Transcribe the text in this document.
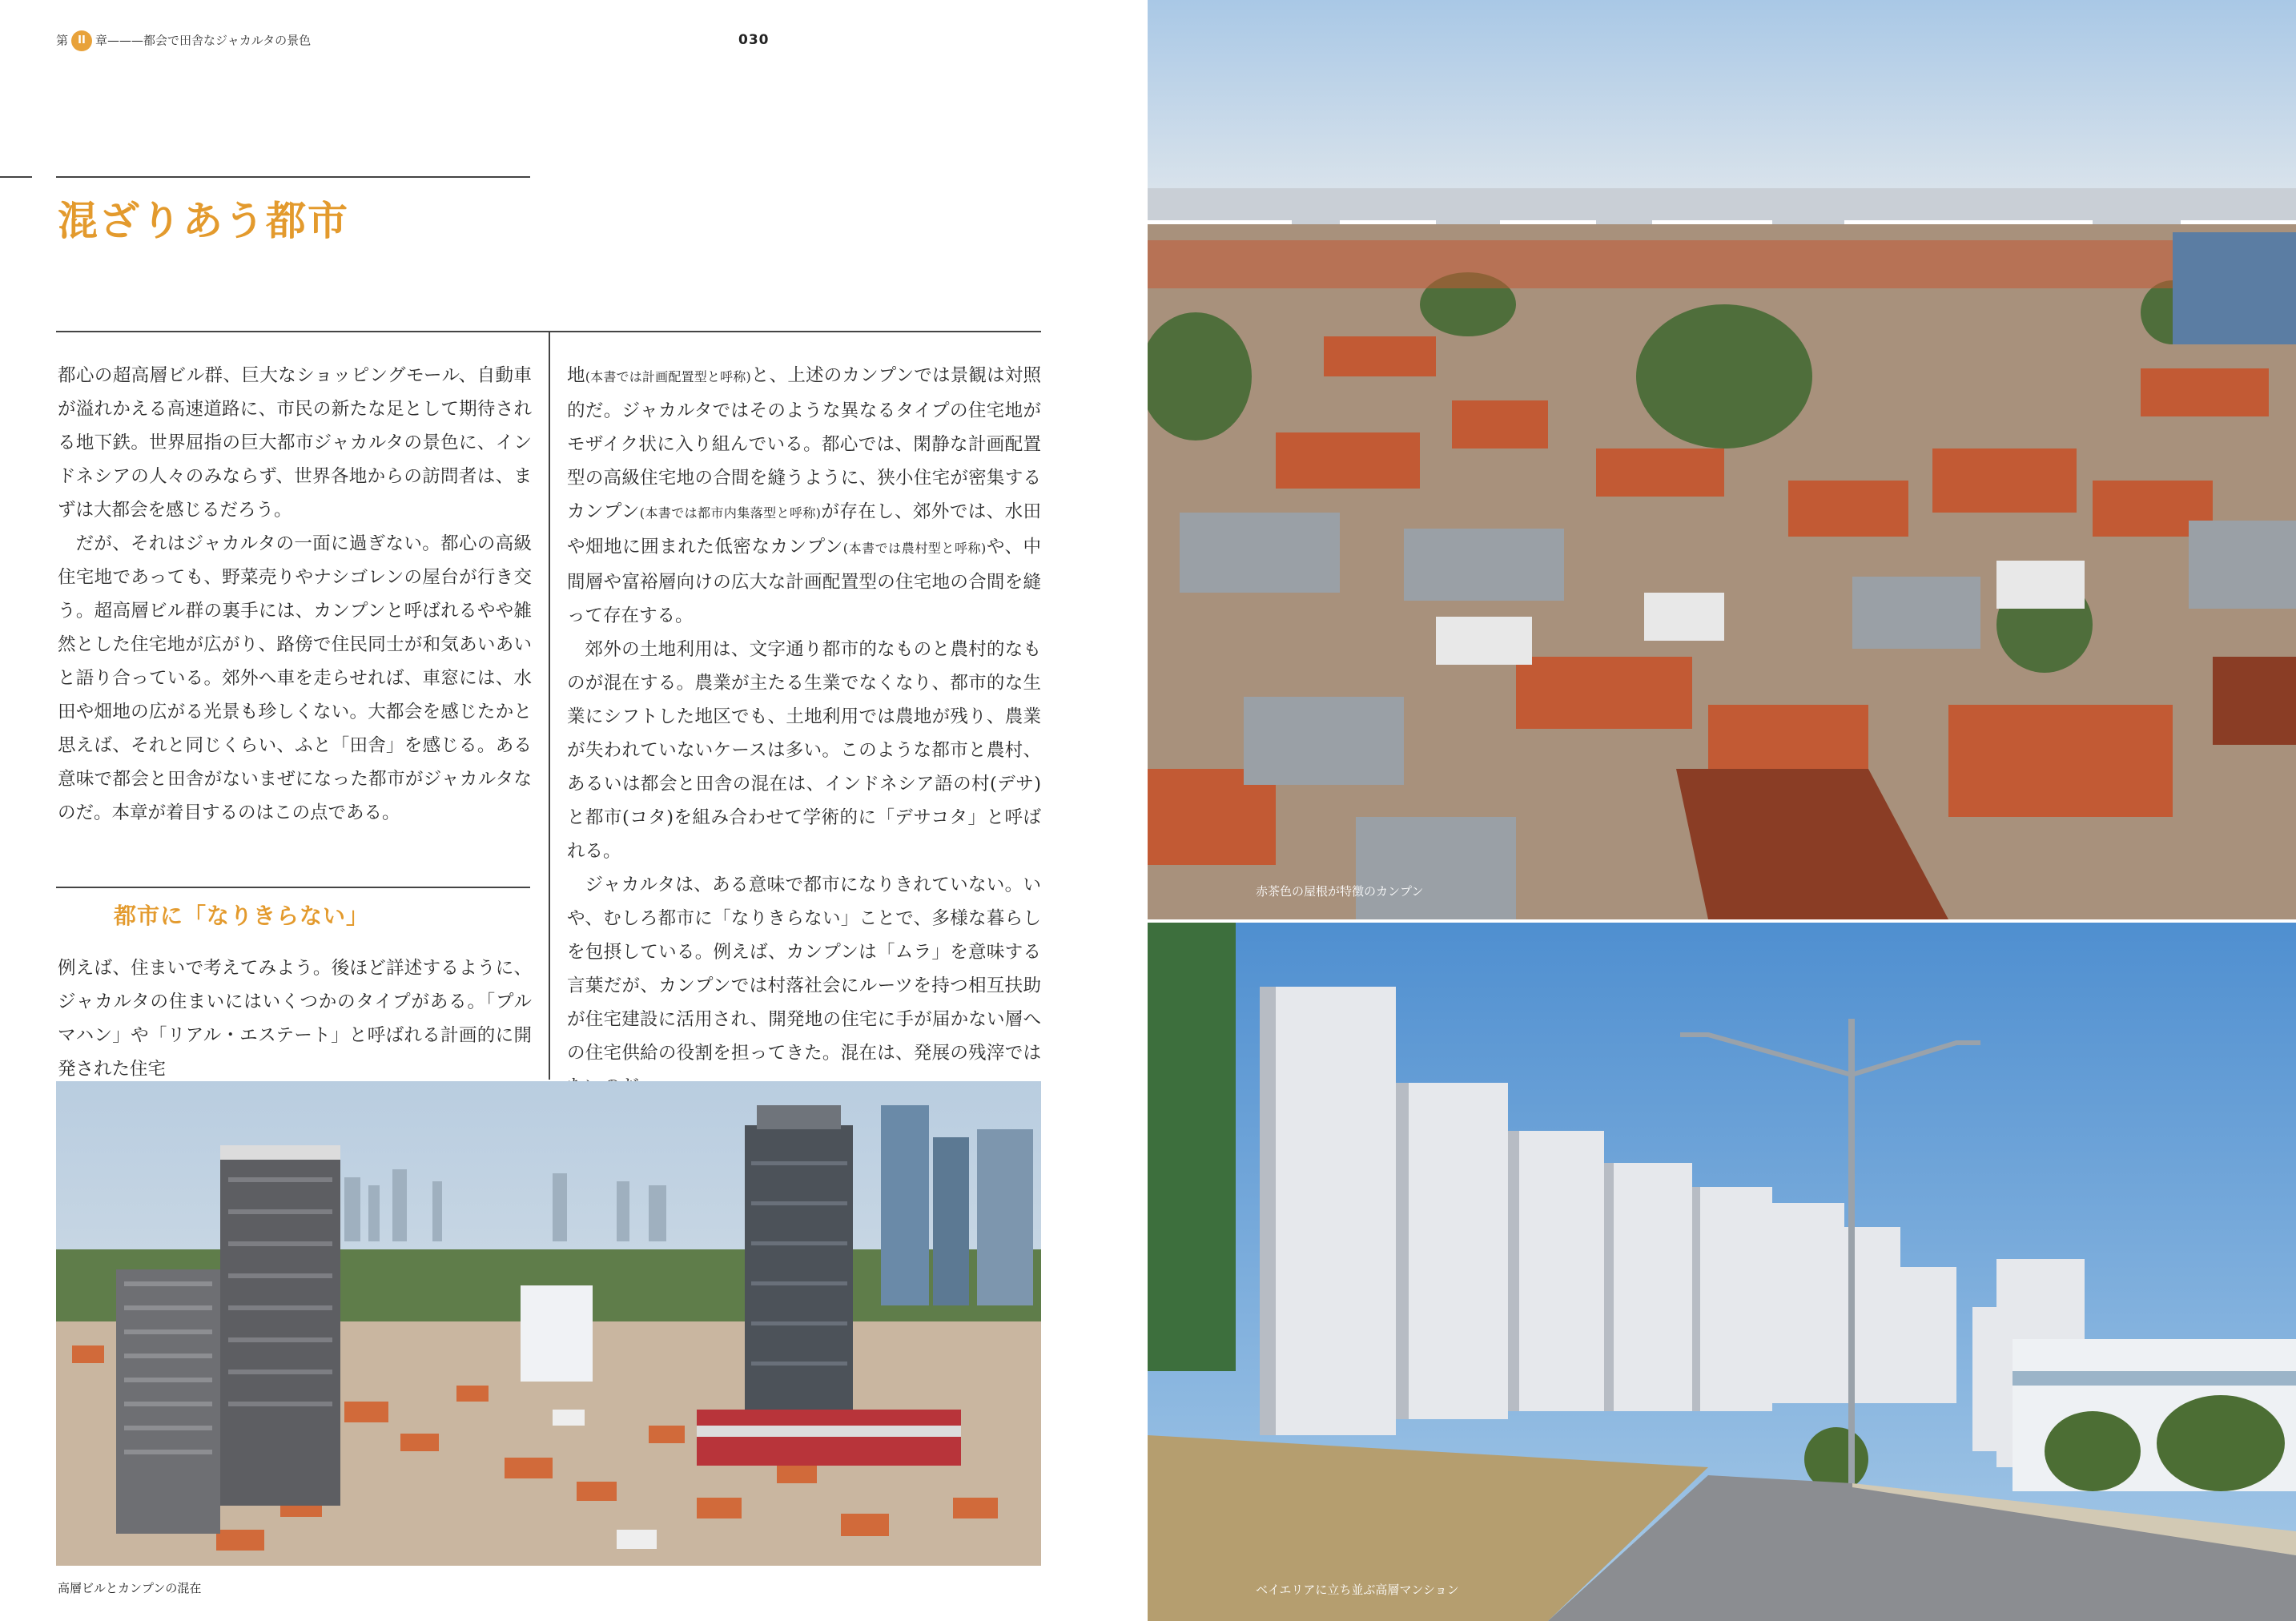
第 II 章———都会で田舎なジャカルタの景色	030
混ざりあう都市

都心の超高層ビル群、巨大なショッピングモール、自動車が溢れかえる高速道路に、市民の新たな足として期待される地下鉄。世界屈指の巨大都市ジャカルタの景色に、インドネシアの人々のみならず、世界各地からの訪問者は、まずは大都会を感じるだろう。

だが、それはジャカルタの一面に過ぎない。都心の高級住宅地であっても、野菜売りやナシゴレンの屋台が行き交う。超高層ビル群の裏手には、カンプンと呼ばれるやや雑然とした住宅地が広がり、路傍で住民同士が和気あいあいと語り合っている。郊外へ車を走らせれば、車窓には、水田や畑地の広がる光景も珍しくない。大都会を感じたかと思えば、それと同じくらい、ふと「田舎」を感じる。ある意味で都会と田舎がないまぜになった都市がジャカルタなのだ。本章が着目するのはこの点である。

都市に「なりきらない」

例えば、住まいで考えてみよう。後ほど詳述するように、ジャカルタの住まいにはいくつかのタイプがある。「プルマハン」や「リアル・エステート」と呼ばれる計画的に開発された住宅

地(本書では計画配置型と呼称)と、上述のカンプンでは景観は対照的だ。ジャカルタではそのような異なるタイプの住宅地がモザイク状に入り組んでいる。都心では、閑静な計画配置型の高級住宅地の合間を縫うように、狭小住宅が密集するカンプン(本書では都市内集落型と呼称)が存在し、郊外では、水田や畑地に囲まれた低密なカンプン(本書では農村型と呼称)や、中間層や富裕層向けの広大な計画配置型の住宅地の合間を縫って存在する。

郊外の土地利用は、文字通り都市的なものと農村的なものが混在する。農業が主たる生業でなくなり、都市的な生業にシフトした地区でも、土地利用では農地が残り、農業が失われていないケースは多い。このような都市と農村、あるいは都会と田舎の混在は、インドネシア語の村(デサ)と都市(コタ)を組み合わせて学術的に「デサコタ」と呼ばれる。

ジャカルタは、ある意味で都市になりきれていない。いや、むしろ都市に「なりきらない」ことで、多様な暮らしを包摂している。例えば、カンプンは「ムラ」を意味する言葉だが、カンプンでは村落社会にルーツを持つ相互扶助が住宅建設に活用され、開発地の住宅に手が届かない層への住宅供給の役割を担ってきた。混在は、発展の残滓では

高層ビルとカンプンの混在
赤茶色の屋根が特徴のカンプン
ベイエリアに立ち並ぶ高層マンション
